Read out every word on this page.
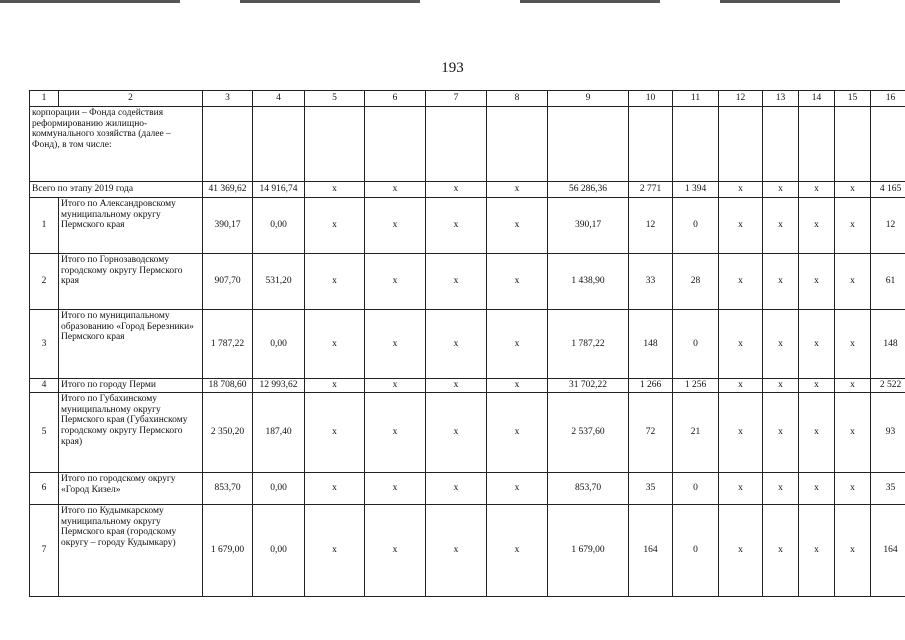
193
1	2	3	4	5	6	7	8	9	10	11	12	13	14	15	16
корпорации – Фонда содействия реформированию жилищно-коммунального хозяйства (далее – Фонд), в том числе:															
Всего по этапу 2019 года		41 369,62	14 916,74	x	x	x	x	56 286,36	2 771	1 394	x	x	x	x	4 165
1	Итого по Александровскому муниципальному округу Пермского края	390,17	0,00	x	x	x	x	390,17	12	0	x	x	x	x	12
2	Итого по Горнозаводскому городскому округу Пермского края	907,70	531,20	x	x	x	x	1 438,90	33	28	x	x	x	x	61
3	Итого по муниципальному образованию «Город Березники» Пермского края	1 787,22	0,00	x	x	x	x	1 787,22	148	0	x	x	x	x	148
4	Итого по городу Перми	18 708,60	12 993,62	x	x	x	x	31 702,22	1 266	1 256	x	x	x	x	2 522
5	Итого по Губахинскому муниципальному округу Пермского края (Губахинскому городскому округу Пермского края)	2 350,20	187,40	x	x	x	x	2 537,60	72	21	x	x	x	x	93
6	Итого по городскому округу «Город Кизел»	853,70	0,00	x	x	x	x	853,70	35	0	x	x	x	x	35
7	Итого по Кудымкарскому муниципальному округу Пермского края (городскому округу – городу Кудымкару)	1 679,00	0,00	x	x	x	x	1 679,00	164	0	x	x	x	x	164
